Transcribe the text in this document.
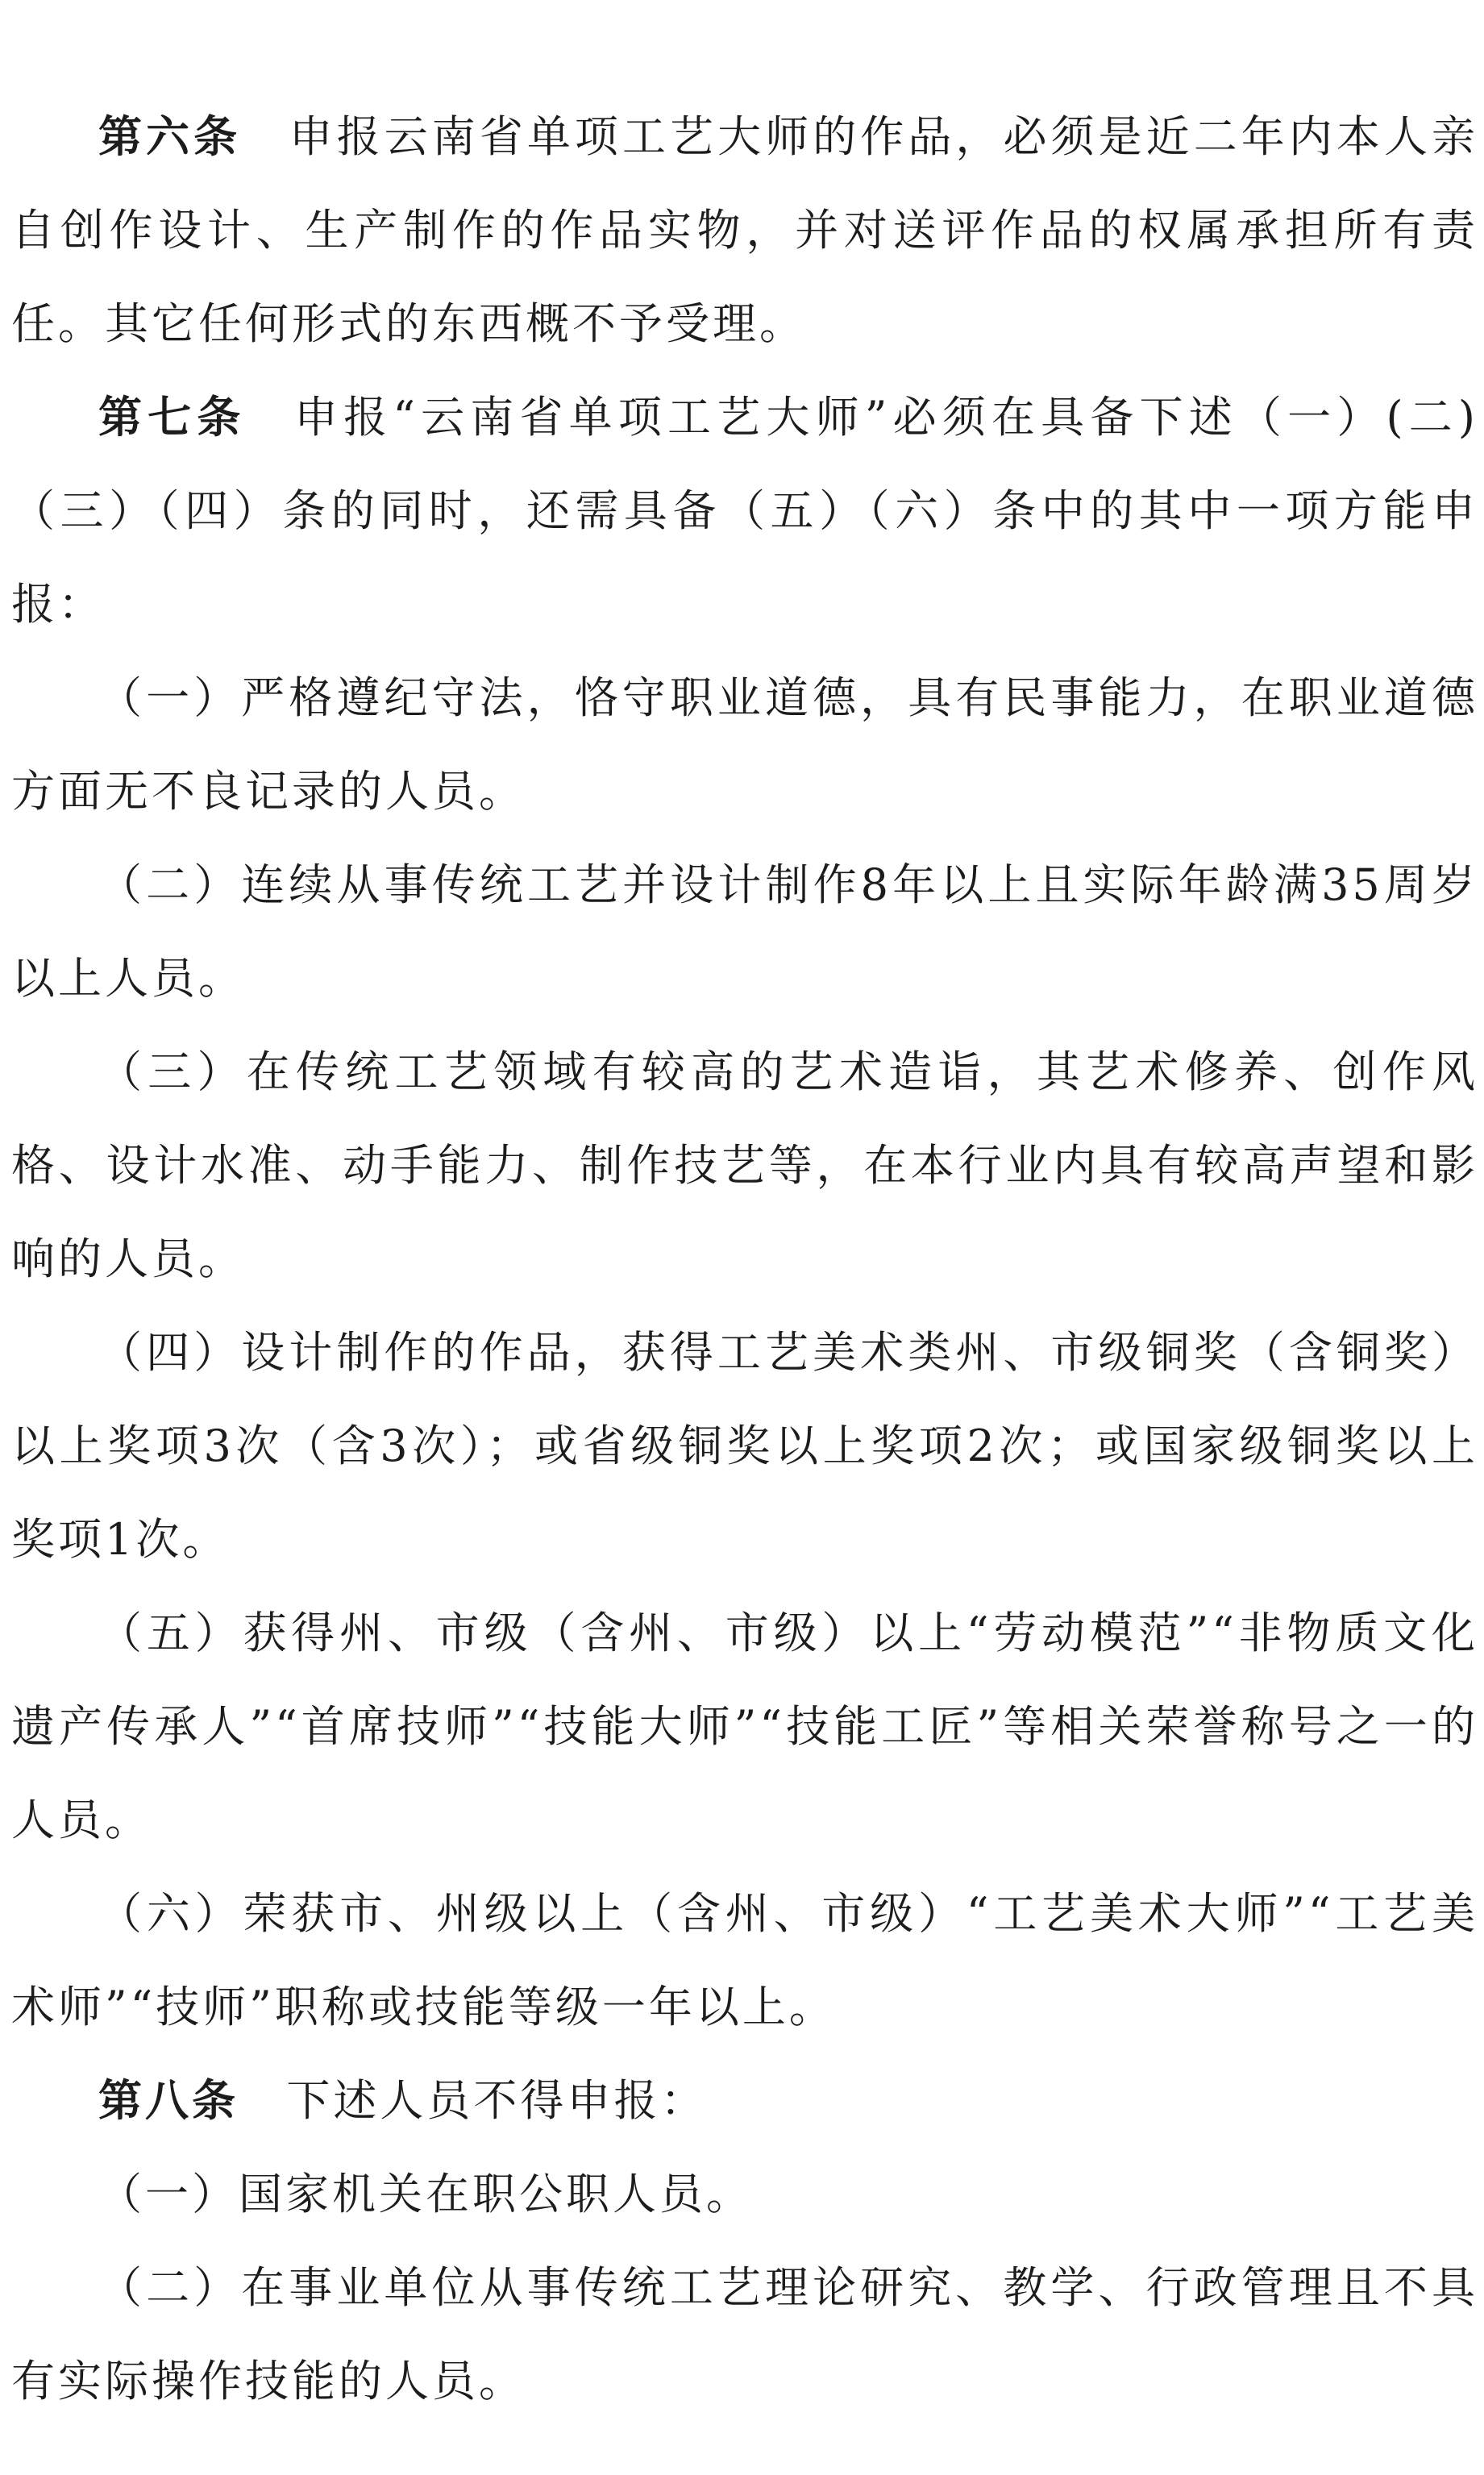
第六条 申报云南省单项工艺大师的作品，必须是近二年内本人亲自创作设计、生产制作的作品实物，并对送评作品的权属承担所有责任。其它任何形式的东西概不予受理。

第七条 申报“云南省单项工艺大师”必须在具备下述（一）(二)（三）（四）条的同时，还需具备（五）（六）条中的其中一项方能申报：

（一）严格遵纪守法，恪守职业道德，具有民事能力，在职业道德方面无不良记录的人员。

（二）连续从事传统工艺并设计制作8年以上且实际年龄满35周岁以上人员。

（三）在传统工艺领域有较高的艺术造诣，其艺术修养、创作风格、设计水准、动手能力、制作技艺等，在本行业内具有较高声望和影响的人员。

（四）设计制作的作品，获得工艺美术类州、市级铜奖（含铜奖）以上奖项3次（含3次）；或省级铜奖以上奖项2次；或国家级铜奖以上奖项1次。

（五）获得州、市级（含州、市级）以上“劳动模范”“非物质文化遗产传承人”“首席技师”“技能大师”“技能工匠”等相关荣誉称号之一的人员。

（六）荣获市、州级以上（含州、市级）“工艺美术大师”“工艺美术师”“技师”职称或技能等级一年以上。

第八条 下述人员不得申报：

（一）国家机关在职公职人员。

（二）在事业单位从事传统工艺理论研究、教学、行政管理且不具有实际操作技能的人员。
